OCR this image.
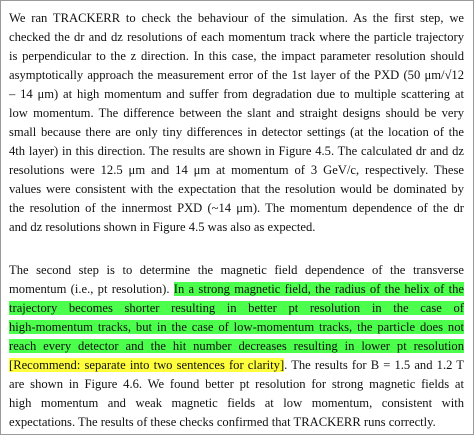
We ran TRACKERR to check the behaviour of the simulation. As the first step, we
checked the dr and dz resolutions of each momentum track where the particle trajectory
is perpendicular to the z direction. In this case, the impact parameter resolution should
asymptotically approach the measurement error of the 1st layer of the PXD (50 μm/√12
– 14 μm) at high momentum and suffer from degradation due to multiple scattering at
low momentum. The difference between the slant and straight designs should be very
small because there are only tiny differences in detector settings (at the location of the
4th layer) in this direction. The results are shown in Figure 4.5. The calculated dr and dz
resolutions were 12.5 μm and 14 μm at momentum of 3 GeV/c, respectively. These
values were consistent with the expectation that the resolution would be dominated by
the resolution of the innermost PXD (~14 μm). The momentum dependence of the dr
and dz resolutions shown in Figure 4.5 was also as expected.
The second step is to determine the magnetic field dependence of the transverse
momentum (i.e., pt resolution). In a strong magnetic field, the radius of the helix of the
trajectory becomes shorter resulting in better pt resolution in the case of
high-momentum tracks, but in the case of low-momentum tracks, the particle does not
reach every detector and the hit number decreases resulting in lower pt resolution
[Recommend: separate into two sentences for clarity]. The results for B = 1.5 and 1.2 T
are shown in Figure 4.6. We found better pt resolution for strong magnetic fields at
high momentum and weak magnetic fields at low momentum, consistent with
expectations. The results of these checks confirmed that TRACKERR runs correctly.
